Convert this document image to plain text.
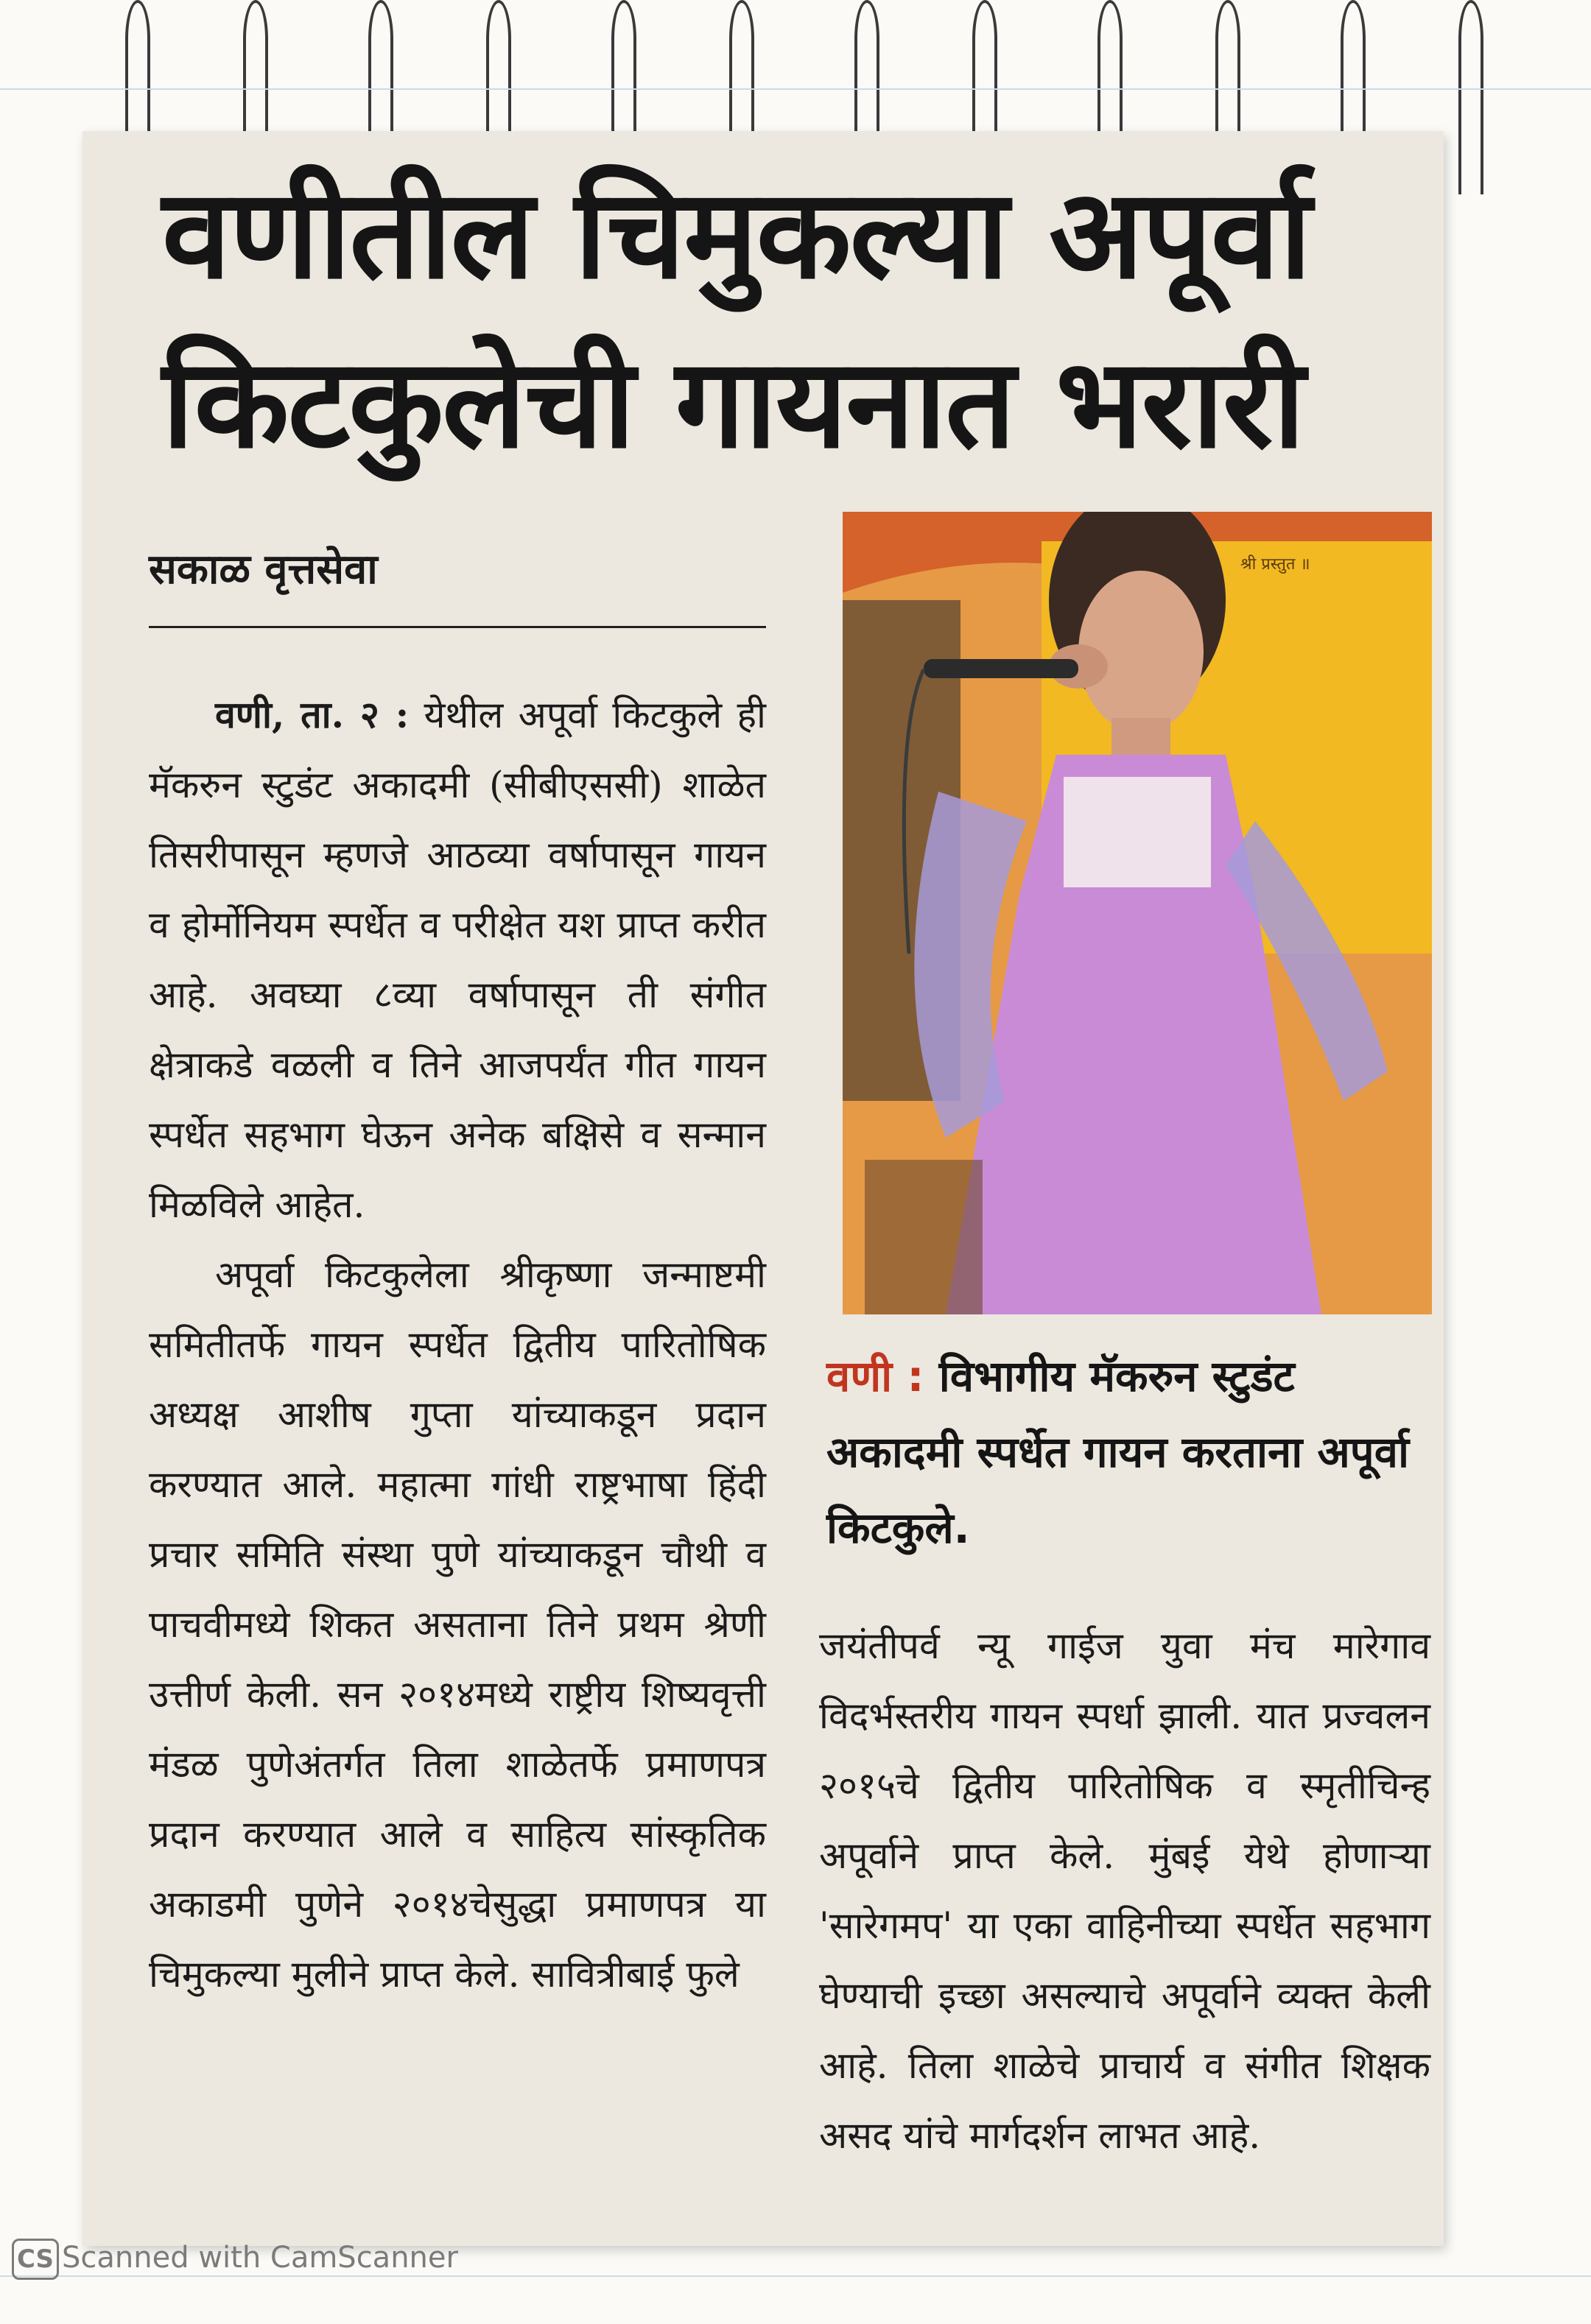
वणीतील चिमुकल्या अपूर्वा
किटकुलेची गायनात भरारी
सकाळ वृत्तसेवा
वणी, ता. २ : येथील अपूर्वा किटकुले ही मॅकरुन स्टुडंट अकादमी (सीबीएससी) शाळेत तिसरीपासून म्हणजे आठव्या वर्षापासून गायन व होर्मोनियम स्पर्धेत व परीक्षेत यश प्राप्त करीत आहे. अवघ्या ८व्या वर्षापासून ती संगीत क्षेत्राकडे वळली व तिने आजपर्यंत गीत गायन स्पर्धेत सहभाग घेऊन अनेक बक्षिसे व सन्मान मिळविले आहेत.
अपूर्वा किटकुलेला श्रीकृष्णा जन्माष्टमी समितीतर्फे गायन स्पर्धेत द्वितीय पारितोषिक अध्यक्ष आशीष गुप्ता यांच्याकडून प्रदान करण्यात आले. महात्मा गांधी राष्ट्रभाषा हिंदी प्रचार समिति संस्था पुणे यांच्याकडून चौथी व पाचवीमध्ये शिकत असताना तिने प्रथम श्रेणी उत्तीर्ण केली. सन २०१४मध्ये राष्ट्रीय शिष्यवृत्ती मंडळ पुणेअंतर्गत तिला शाळेतर्फे प्रमाणपत्र प्रदान करण्यात आले व साहित्य सांस्कृतिक अकाडमी पुणेने २०१४चेसुद्धा प्रमाणपत्र या चिमुकल्या मुलीने प्राप्त केले. सावित्रीबाई फुले
श्री प्रस्तुत ॥
वणी : विभागीय मॅकरुन स्टुडंट अकादमी स्पर्धेत गायन करताना अपूर्वा किटकुले.
जयंतीपर्व न्यू गाईज युवा मंच मारेगाव विदर्भस्तरीय गायन स्पर्धा झाली. यात प्रज्वलन २०१५चे द्वितीय पारितोषिक व स्मृतीचिन्ह अपूर्वाने प्राप्त केले. मुंबई येथे होणाऱ्या 'सारेगमप' या एका वाहिनीच्या स्पर्धेत सहभाग घेण्याची इच्छा असल्याचे अपूर्वाने व्यक्त केली आहे. तिला शाळेचे प्राचार्य व संगीत शिक्षक असद यांचे मार्गदर्शन लाभत आहे.
CS Scanned with CamScanner
